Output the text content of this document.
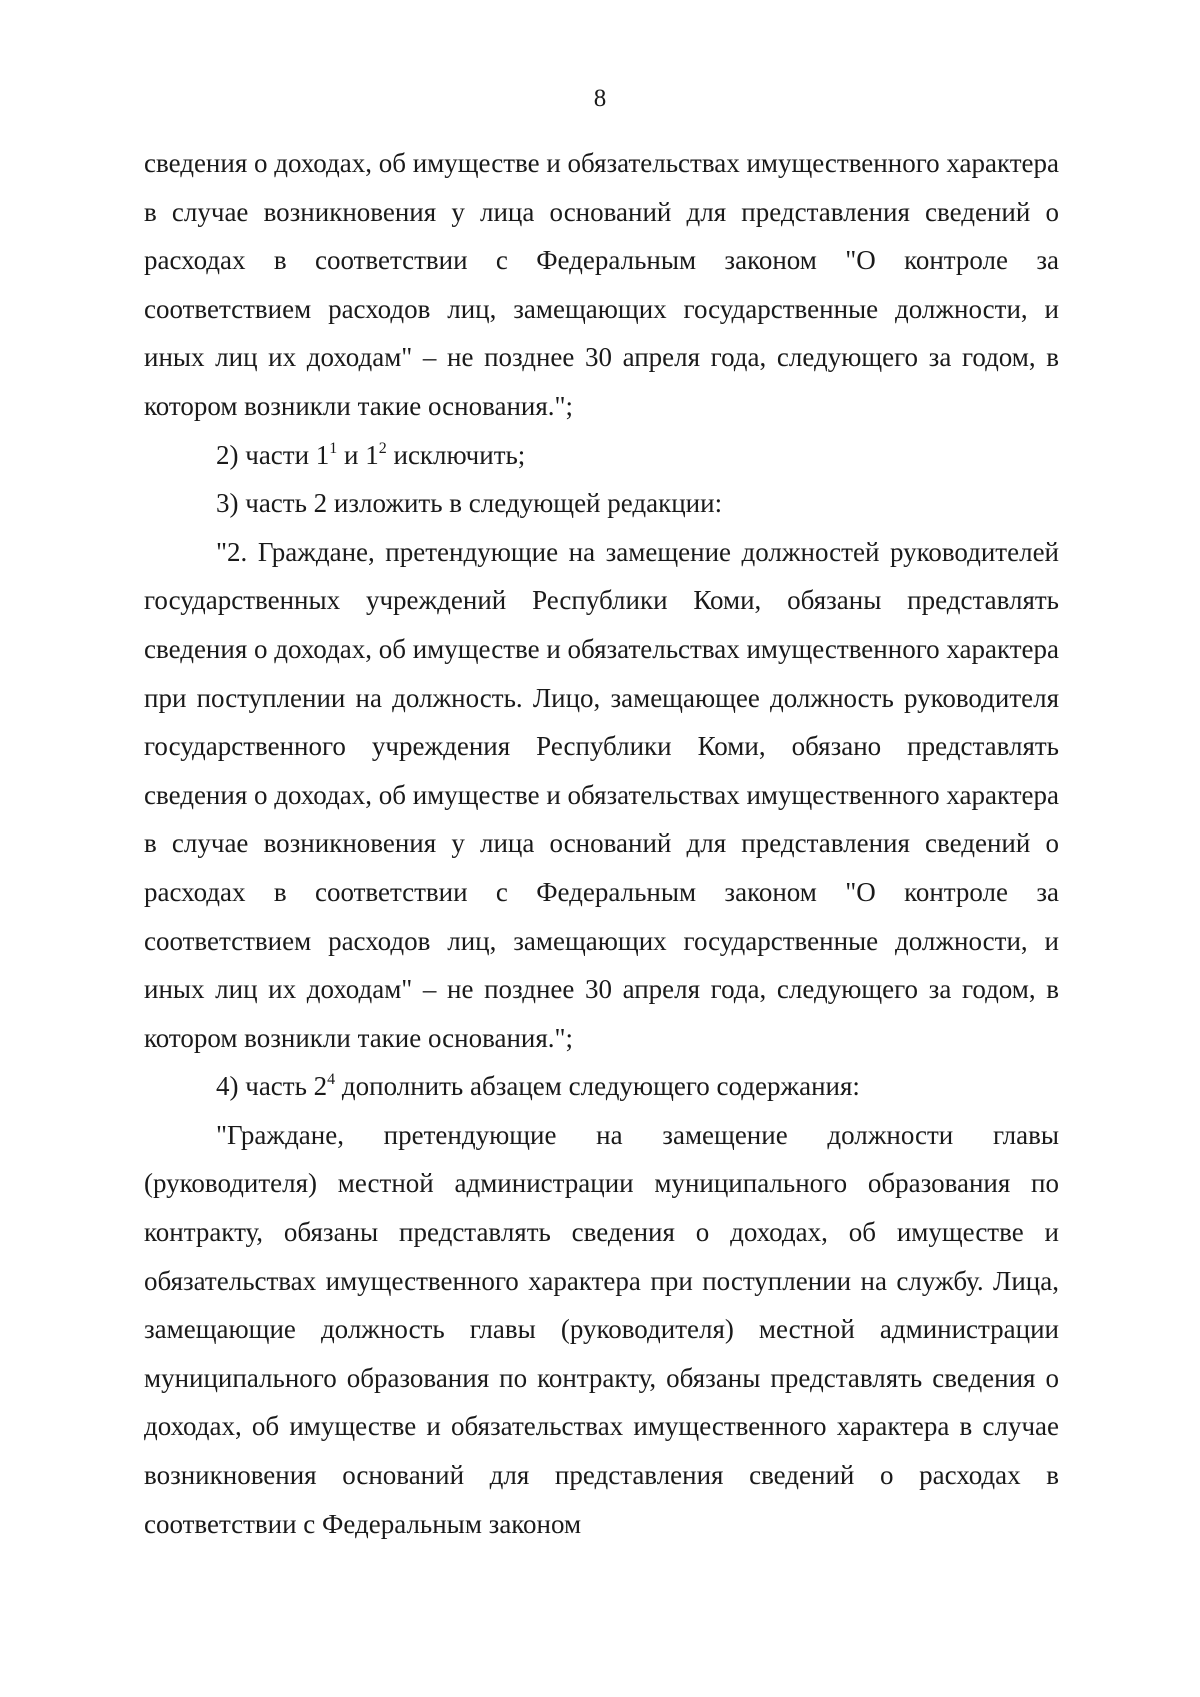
8

сведения о доходах, об имуществе и обязательствах имущественного характера в случае возникновения у лица оснований для представления сведений о расходах в соответствии с Федеральным законом "О контроле за соответствием расходов лиц, замещающих государственные должности, и иных лиц их доходам" – не позднее 30 апреля года, следующего за годом, в котором возникли такие основания.";

2) части $1^1$ и $1^2$ исключить;

3) часть 2 изложить в следующей редакции:

"2. Граждане, претендующие на замещение должностей руководителей государственных учреждений Республики Коми, обязаны представлять сведения о доходах, об имуществе и обязательствах имущественного характера при поступлении на должность. Лицо, замещающее должность руководителя государственного учреждения Республики Коми, обязано представлять сведения о доходах, об имуществе и обязательствах имущественного характера в случае возникновения у лица оснований для представления сведений о расходах в соответствии с Федеральным законом "О контроле за соответствием расходов лиц, замещающих государственные должности, и иных лиц их доходам" – не позднее 30 апреля года, следующего за годом, в котором возникли такие основания.";

4) часть $2^4$ дополнить абзацем следующего содержания:

"Граждане, претендующие на замещение должности главы (руководителя) местной администрации муниципального образования по контракту, обязаны представлять сведения о доходах, об имуществе и обязательствах имущественного характера при поступлении на службу. Лица, замещающие должность главы (руководителя) местной администрации муниципального образования по контракту, обязаны представлять сведения о доходах, об имуществе и обязательствах имущественного характера в случае возникновения оснований для представления сведений о расходах в соответствии с Федеральным законом
